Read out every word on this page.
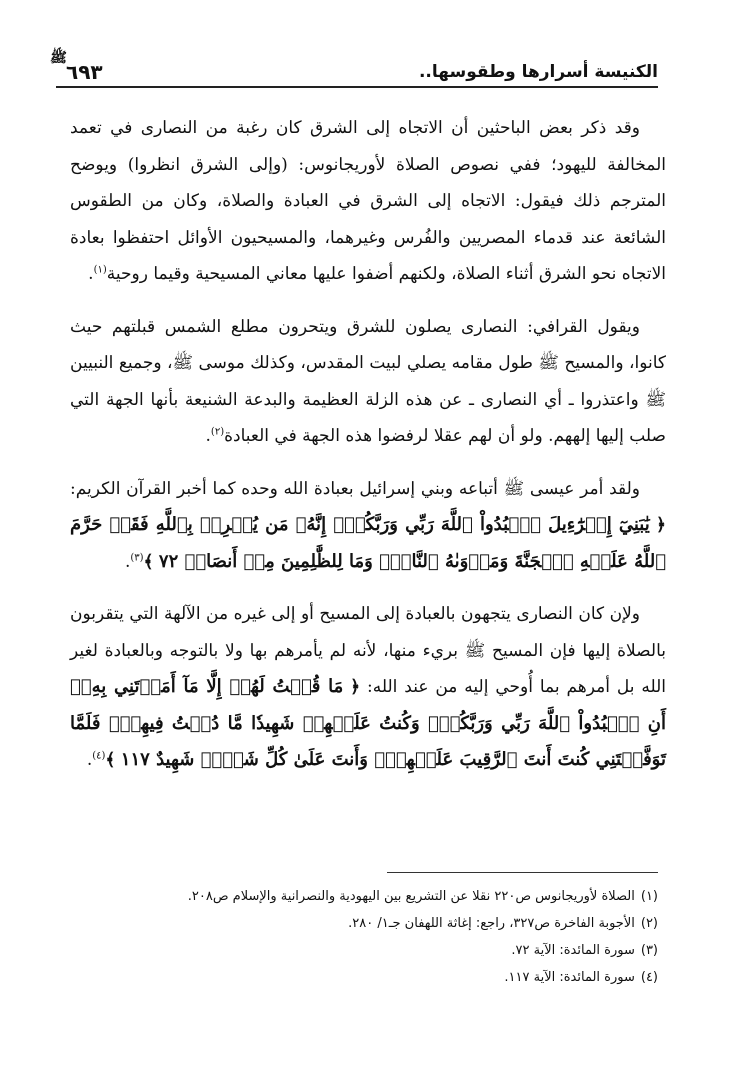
ﷺ
٦٩٣	الكنيسة أسرارها وطقوسها..

وقد ذكر بعض الباحثين أن الاتجاه إلى الشرق كان رغبة من النصارى في تعمد المخالفة لليهود؛ ففي نصوص الصلاة لأوريجانوس: (وإلى الشرق انظروا) ويوضح المترجم ذلك فيقول: الاتجاه إلى الشرق في العبادة والصلاة، وكان من الطقوس الشائعة عند قدماء المصريين والفُرس وغيرهما، والمسيحيون الأوائل احتفظوا بعادة الاتجاه نحو الشرق أثناء الصلاة، ولكنهم أضفوا عليها معاني المسيحية وقيما روحية$^{(١)}$.

ويقول القرافي: النصارى يصلون للشرق ويتحرون مطلع الشمس قبلتهم حيث كانوا، والمسيح ﷺ طول مقامه يصلي لبيت المقدس، وكذلك موسى ﷺ، وجميع النبيين ﷺ واعتذروا ـ أي النصارى ـ عن هذه الزلة العظيمة والبدعة الشنيعة بأنها الجهة التي صلب إليها إلههم. ولو أن لهم عقلا لرفضوا هذه الجهة في العبادة$^{(٢)}$.

ولقد أمر عيسى ﷺ أتباعه وبني إسرائيل بعبادة الله وحده كما أخبر القرآن الكريم: ﴿ يَٰبَنِيٓ إِسۡرَٰٓءِيلَ ٱعۡبُدُواْ ٱللَّهَ رَبِّي وَرَبَّكُمۡۖ إِنَّهُۥ مَن يُشۡرِكۡ بِٱللَّهِ فَقَدۡ حَرَّمَ ٱللَّهُ عَلَيۡهِ ٱلۡجَنَّةَ وَمَأۡوَىٰهُ ٱلنَّارُۖ وَمَا لِلظَّٰلِمِينَ مِنۡ أَنصَارٖ ٧٢ ﴾$^{(٣)}$.

ولإن كان النصارى يتجهون بالعبادة إلى المسيح أو إلى غيره من الآلهة التي يتقربون بالصلاة إليها فإن المسيح ﷺ بريء منها، لأنه لم يأمرهم بها ولا بالتوجه وبالعبادة لغير الله بل أمرهم بما أُوحي إليه من عند الله: ﴿ مَا قُلۡتُ لَهُمۡ إِلَّا مَآ أَمَرۡتَنِي بِهِۦٓ أَنِ ٱعۡبُدُواْ ٱللَّهَ رَبِّي وَرَبَّكُمۡۚ وَكُنتُ عَلَيۡهِمۡ شَهِيدٗا مَّا دُمۡتُ فِيهِمۡۖ فَلَمَّا تَوَفَّيۡتَنِي كُنتَ أَنتَ ٱلرَّقِيبَ عَلَيۡهِمۡۚ وَأَنتَ عَلَىٰ كُلِّ شَيۡءٖ شَهِيدٌ ١١٧ ﴾$^{(٤)}$.

(١)الصلاة لأوريجانوس ص٢٢٠ نقلا عن التشريع بين اليهودية والنصرانية والإسلام ص٢٠٨.

(٢)الأجوبة الفاخرة ص٣٢٧، راجع: إغاثة اللهفان جـ١/ ٢٨٠.

(٣)سورة المائدة: الآية ٧٢.

(٤)سورة المائدة: الآية ١١٧.
